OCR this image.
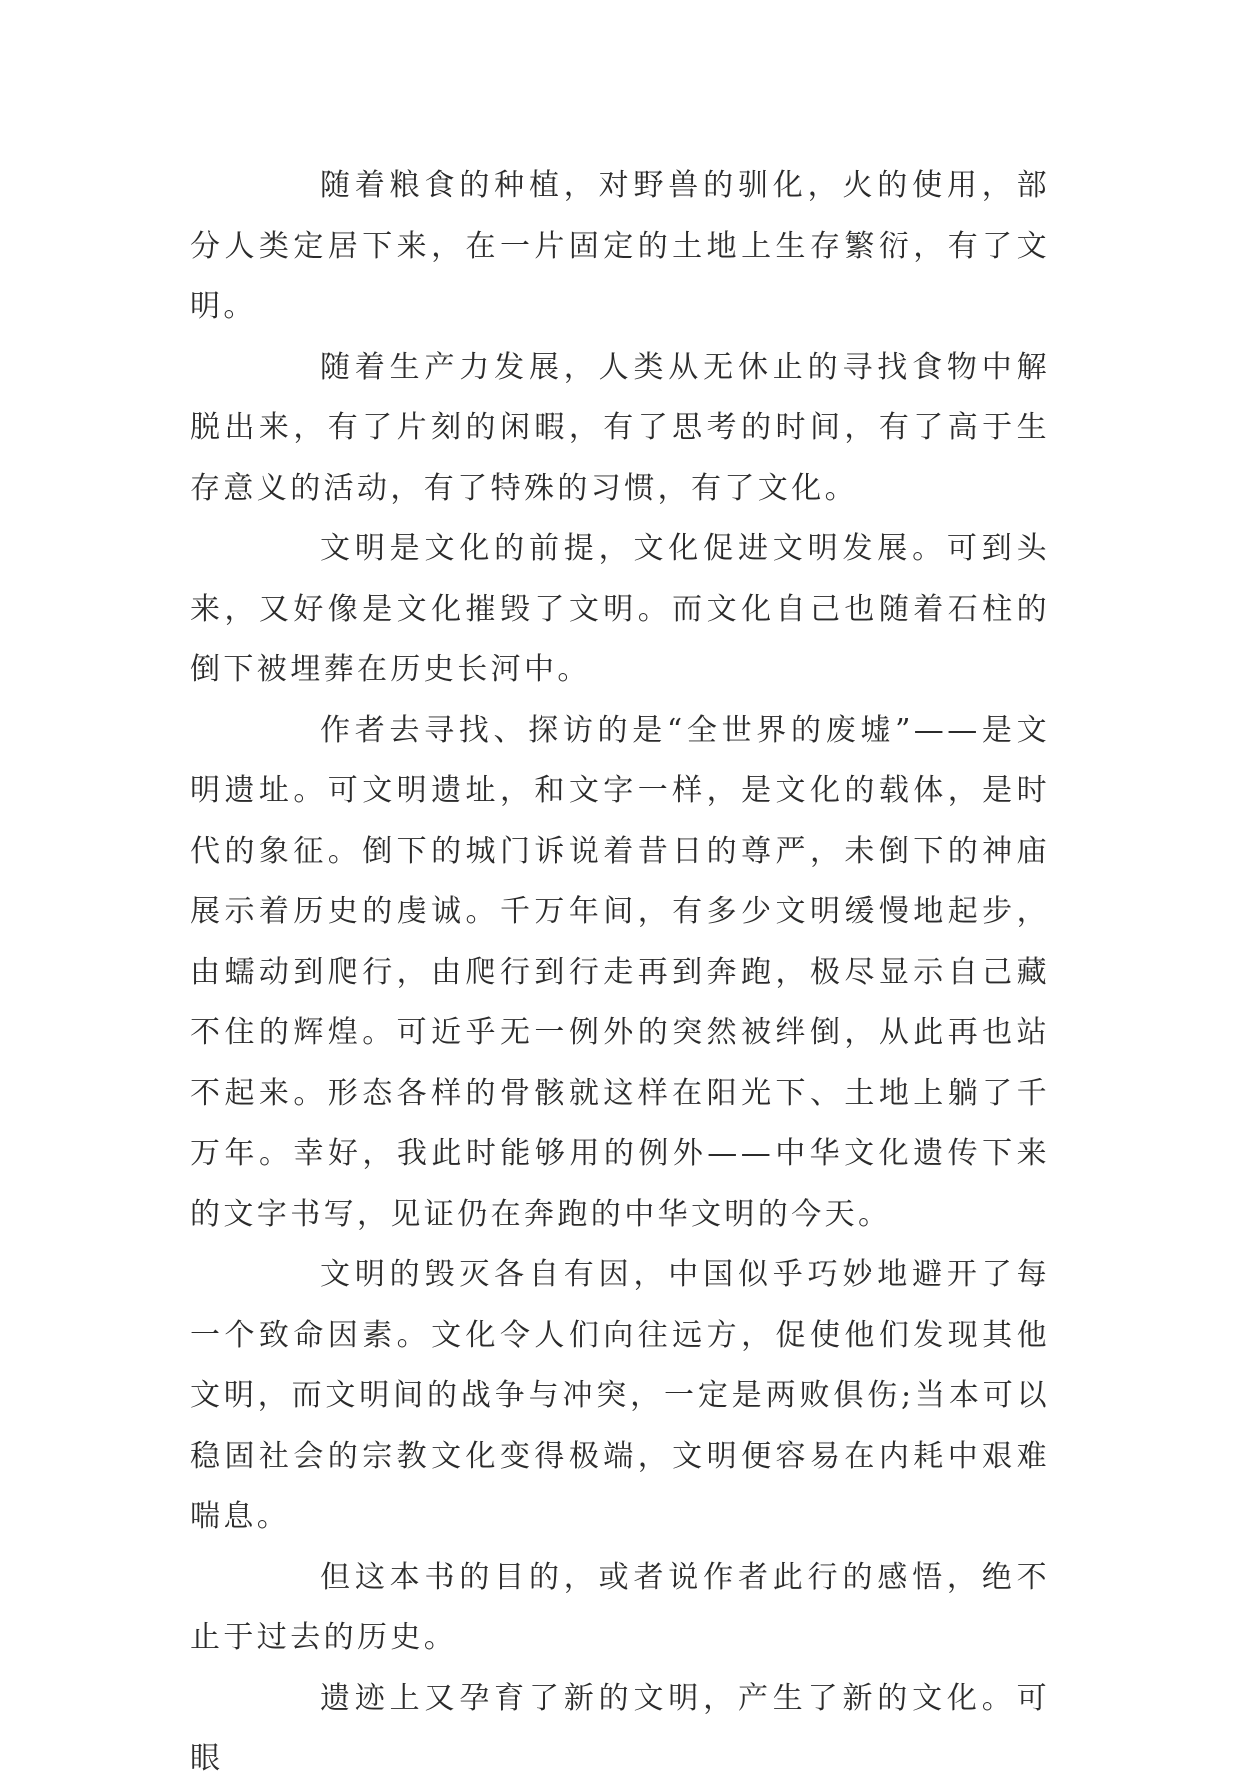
随着粮食的种植，对野兽的驯化，火的使用，部分人类定居下来，在一片固定的土地上生存繁衍，有了文明。

随着生产力发展，人类从无休止的寻找食物中解脱出来，有了片刻的闲暇，有了思考的时间，有了高于生存意义的活动，有了特殊的习惯，有了文化。

文明是文化的前提，文化促进文明发展。可到头来，又好像是文化摧毁了文明。而文化自己也随着石柱的倒下被埋葬在历史长河中。

作者去寻找、探访的是“全世界的废墟”——是文明遗址。可文明遗址，和文字一样，是文化的载体，是时代的象征。倒下的城门诉说着昔日的尊严，未倒下的神庙展示着历史的虔诚。千万年间，有多少文明缓慢地起步，由蠕动到爬行，由爬行到行走再到奔跑，极尽显示自己藏不住的辉煌。可近乎无一例外的突然被绊倒，从此再也站不起来。形态各样的骨骸就这样在阳光下、土地上躺了千万年。幸好，我此时能够用的例外——中华文化遗传下来的文字书写，见证仍在奔跑的中华文明的今天。

文明的毁灭各自有因，中国似乎巧妙地避开了每一个致命因素。文化令人们向往远方，促使他们发现其他文明，而文明间的战争与冲突，一定是两败俱伤;当本可以稳固社会的宗教文化变得极端，文明便容易在内耗中艰难喘息。

但这本书的目的，或者说作者此行的感悟，绝不止于过去的历史。

遗迹上又孕育了新的文明，产生了新的文化。可眼
